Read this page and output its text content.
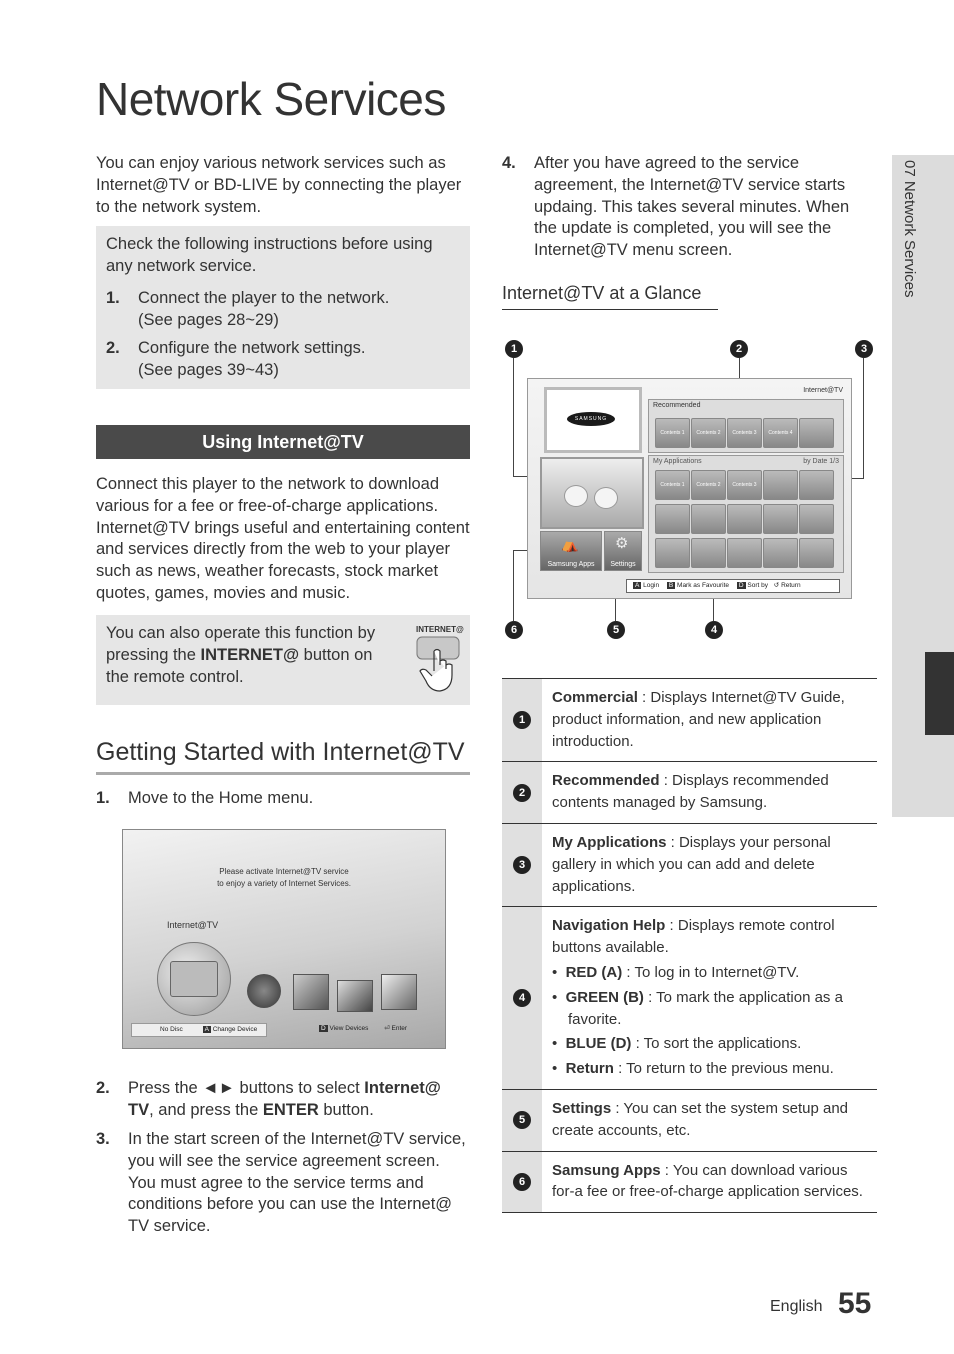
Network Services
You can enjoy various network services such as Internet@TV or BD-LIVE by connecting the player to the network system.
Check the following instructions before using any network service.
1. Connect the player to the network.
(See pages 28~29)
2. Configure the network settings.
(See pages 39~43)
Using Internet@TV
Connect this player to the network to download various for a fee or free-of-charge applications. Internet@TV brings useful and entertaining content and services directly from the web to your player such as news, weather forecasts, stock market quotes, games, movies and music.
You can also operate this function by pressing the INTERNET@ button on the remote control.
INTERNET@
Getting Started with Internet@TV
1. Move to the Home menu.
Please activate Internet@TV service
to enjoy a variety of Internet Services.
Internet@TV
No Disc	A Change Device	D View Devices ⏎ Enter
2. Press the ◄► buttons to select Internet@ TV, and press the ENTER button.
3. In the start screen of the Internet@TV service, you will see the service agreement screen. You must agree to the service terms and conditions before you can use the Internet@ TV service.
4. After you have agreed to the service agreement, the Internet@TV service starts updaing. This takes several minutes. When the update is completed, you will see the Internet@TV menu screen.
Internet@TV at a Glance
1	2	3
4
5
6
Internet@TV
SAMSUNG
Recommended
Contents 1	Contents 2	Contents 3	Contents 4
My Applications	by Date 1/3
Contents 1	Contents 2	Contents 3
⛺
Samsung Apps
⚙
Settings
A Login B Mark as Favourite D Sort by ↺ Return
1
Commercial : Displays Internet@TV Guide, product information, and new application introduction.
2
Recommended : Displays recommended contents managed by Samsung.
3
My Applications : Displays your personal gallery in which you can add and delete applications.
4
Navigation Help : Displays remote control buttons available.
•  RED (A) : To log in to Internet@TV.
•  GREEN (B) : To mark the application as a favorite.
•  BLUE (D) : To sort the applications.
•  Return : To return to the previous menu.
5
Settings : You can set the system setup and create accounts, etc.
6
Samsung Apps : You can download various for-a fee or free-of-charge application services.
07 Network Services
English 55
